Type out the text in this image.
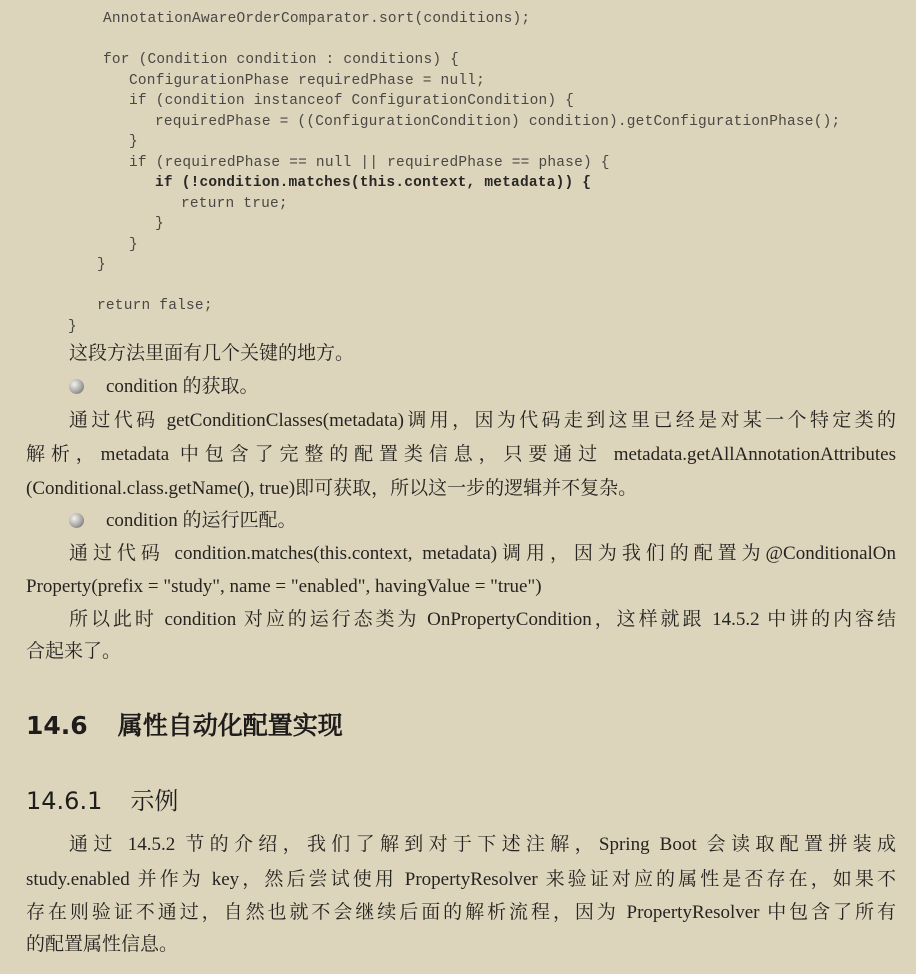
AnnotationAwareOrderComparator.sort(conditions);

for (Condition condition : conditions) {

ConfigurationPhase requiredPhase = null;

if (condition instanceof ConfigurationCondition) {

requiredPhase = ((ConfigurationCondition) condition).getConfigurationPhase();

}

if (requiredPhase == null || requiredPhase == phase) {

if (!condition.matches(this.context, metadata)) {

return true;

}

}

}

return false;

}

这段方法里面有几个关键的地方。
condition 的获取。
通过代码 getConditionClasses(metadata)调用，因为代码走到这里已经是对某一个特定类的
解析，metadata 中包含了完整的配置类信息，只要通过 metadata.getAllAnnotationAttributes
(Conditional.class.getName(), true)即可获取，所以这一步的逻辑并不复杂。
condition 的运行匹配。
通过代码 condition.matches(this.context, metadata)调用，因为我们的配置为@ConditionalOn
Property(prefix = "study", name = "enabled", havingValue = "true")
所以此时 condition 对应的运行态类为 OnPropertyCondition，这样就跟 14.5.2 中讲的内容结
合起来了。
14.6 属性自动化配置实现
14.6.1 示例
通过 14.5.2 节的介绍，我们了解到对于下述注解，Spring Boot 会读取配置拼装成
study.enabled 并作为 key，然后尝试使用 PropertyResolver 来验证对应的属性是否存在，如果不
存在则验证不通过，自然也就不会继续后面的解析流程，因为 PropertyResolver 中包含了所有
的配置属性信息。
